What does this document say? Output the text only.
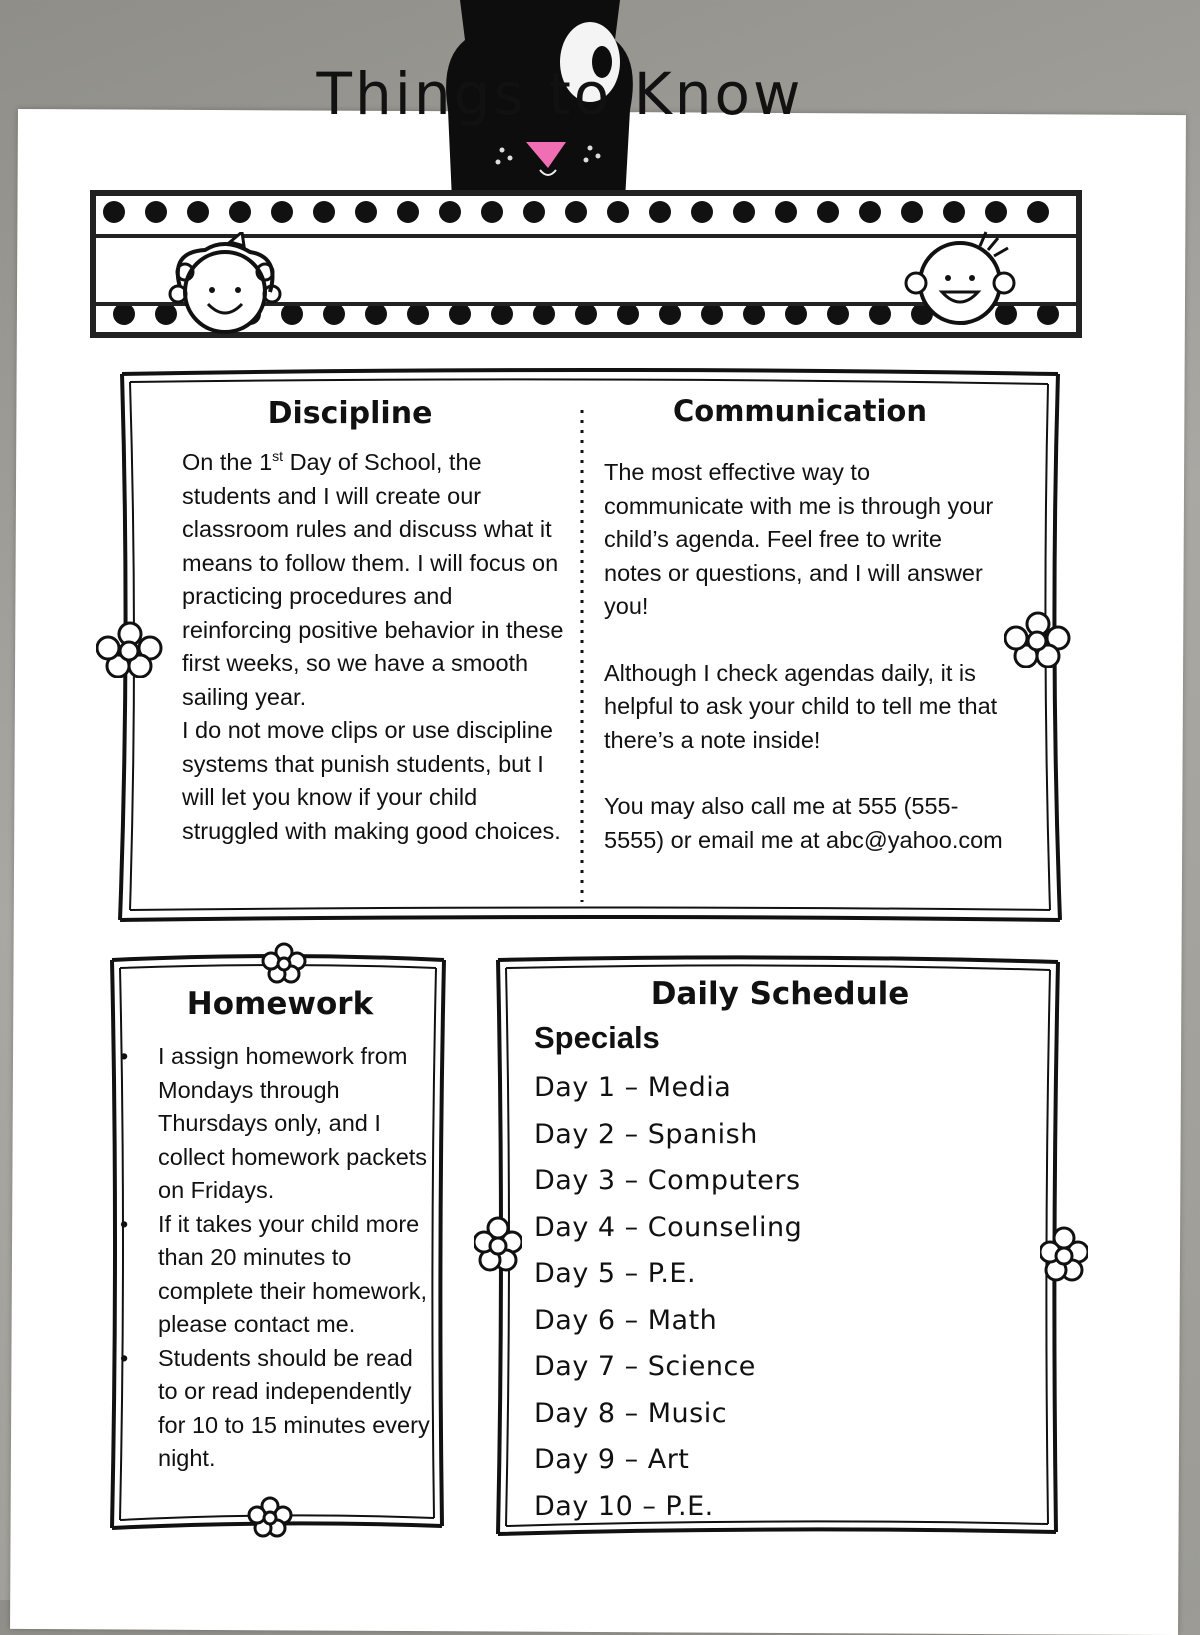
Things to Know
Discipline

On the 1st Day of School, the students and I will create our classroom rules and discuss what it means to follow them. I will focus on practicing procedures and reinforcing positive behavior in these first weeks, so we have a smooth sailing year.

I do not move clips or use discipline systems that punish students, but I will let you know if your child struggled with making good choices.

Communication

The most effective way to communicate with me is through your child’s agenda. Feel free to write notes or questions, and I will answer you!

Although I check agendas daily, it is helpful to ask your child to tell me that there’s a note inside!

You may also call me at 555 (555-5555) or email me at abc@yahoo.com

Homework
•	I assign homework from Mondays through Thursdays only, and I collect homework packets on Fridays.
•	If it takes your child more than 20 minutes to complete their homework, please contact me.
•	Students should be read to or read independently for 10 to 15 minutes every night.
Daily Schedule
Specials
Day 1 – Media
Day 2 – Spanish
Day 3 – Computers
Day 4 – Counseling
Day 5 – P.E.
Day 6 – Math
Day 7 – Science
Day 8 – Music
Day 9 – Art
Day 10 – P.E.
